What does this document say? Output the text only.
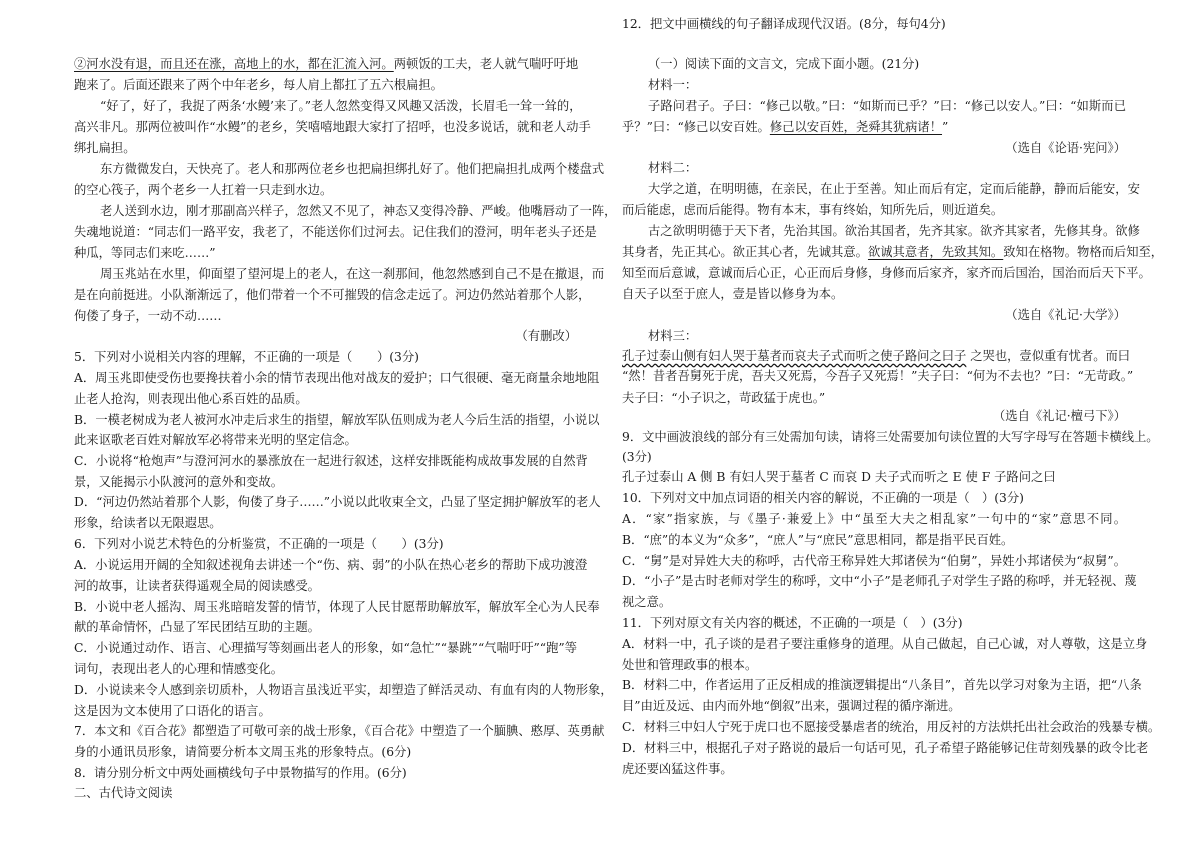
②河水没有退，而且还在涨，高地上的水，都在汇流入河。两顿饭的工夫，老人就气喘吁吁地
跑来了。后面还跟来了两个中年老乡，每人肩上都扛了五六根扁担。
“好了，好了，我捉了两条‘水鳗’来了。”老人忽然变得又风趣又活泼，长眉毛一耸一耸的，
高兴非凡。那两位被叫作“水鳗”的老乡，笑嘻嘻地跟大家打了招呼，也没多说话，就和老人动手
绑扎扁担。
东方微微发白，天快亮了。老人和那两位老乡也把扁担绑扎好了。他们把扁担扎成两个楼盘式
的空心筏子，两个老乡一人扛着一只走到水边。
老人送到水边，刚才那副高兴样子，忽然又不见了，神态又变得冷静、严峻。他嘴唇动了一阵，
失魂地说道：“同志们一路平安，我老了，不能送你们过河去。记住我们的澄河，明年老头子还是
种瓜，等同志们来吃……”
周玉兆站在水里，仰面望了望河堤上的老人，在这一刹那间，他忽然感到自己不是在撤退，而
是在向前挺进。小队渐渐远了，他们带着一个不可摧毁的信念走远了。河边仍然站着那个人影，
佝偻了身子，一动不动……
（有删改）
5．下列对小说相关内容的理解，不正确的一项是（　　）(3分)
A．周玉兆即使受伤也要搀扶着小余的情节表现出他对战友的爱护；口气很硬、毫无商量余地地阻
止老人抢沟，则表现出他心系百姓的品质。
B．一模老树成为老人被河水冲走后求生的指望，解放军队伍则成为老人今后生活的指望，小说以
此来讴歌老百姓对解放军必将带来光明的坚定信念。
C．小说将“枪炮声”与澄河河水的暴涨放在一起进行叙述，这样安排既能构成故事发展的自然背
景，又能揭示小队渡河的意外和变故。
D．“河边仍然站着那个人影，佝偻了身子……”小说以此收束全文，凸显了坚定拥护解放军的老人
形象，给读者以无限遐思。
6．下列对小说艺术特色的分析鉴赏，不正确的一项是（　　）(3分)
A．小说运用开阔的全知叙述视角去讲述一个“伤、病、弱”的小队在热心老乡的帮助下成功渡澄
河的故事，让读者获得遥观全局的阅读感受。
B．小说中老人摇沟、周玉兆暗暗发誓的情节，体现了人民甘愿帮助解放军，解放军全心为人民奉
献的革命情怀，凸显了军民团结互助的主题。
C．小说通过动作、语言、心理描写等刻画出老人的形象，如“急忙”“暴跳”“气喘吁吁”“跑”等
词句，表现出老人的心理和情感变化。
D．小说读来令人感到亲切质朴，人物语言虽浅近平实，却塑造了鲜活灵动、有血有肉的人物形象，
这是因为文本使用了口语化的语言。
7．本文和《百合花》都塑造了可敬可亲的战士形象，《百合花》中塑造了一个腼腆、憨厚、英勇献
身的小通讯员形象，请简要分析本文周玉兆的形象特点。(6分)
8．请分别分析文中两处画横线句子中景物描写的作用。(6分)
二、古代诗文阅读
（一）阅读下面的文言文，完成下面小题。(21分)
材料一：
子路问君子。子曰：“修己以敬。”曰：“如斯而已乎？”曰：“修己以安人。”曰：“如斯而已
乎？”曰：“修己以安百姓。修己以安百姓，尧舜其犹病诸！”
（选自《论语·宪问》）
材料二：
大学之道，在明明德，在亲民，在止于至善。知止而后有定，定而后能静，静而后能安，安
而后能虑，虑而后能得。物有本末，事有终始，知所先后，则近道矣。
古之欲明明德于天下者，先治其国。欲治其国者，先齐其家。欲齐其家者，先修其身。欲修
其身者，先正其心。欲正其心者，先诚其意。欲诚其意者，先致其知。致知在格物。物格而后知至，
知至而后意诚，意诚而后心正，心正而后身修，身修而后家齐，家齐而后国治，国治而后天下平。
自天子以至于庶人，壹是皆以修身为本。
（选自《礼记·大学》）
材料三：
孔子过泰山侧有妇人哭于墓者而哀夫子式而听之使子路问之曰子 之哭也，壹似重有忧者。而曰
“然！昔者吾舅死于虎，吾夫又死焉，今吾子又死焉！”夫子曰：“何为不去也？”曰：“无苛政。”
夫子曰：“小子识之，苛政猛于虎也。”
（选自《礼记·檀弓下》）
9．文中画波浪线的部分有三处需加句读，请将三处需要加句读位置的大写字母写在答题卡横线上。
(3分)
孔子过泰山 A 侧 B 有妇人哭于墓者 C 而哀 D 夫子式而听之 E 使 F 子路问之曰
10．下列对文中加点词语的相关内容的解说，不正确的一项是（　）(3分)
A．“家”指家族，与《墨子·兼爱上》中“虽至大夫之相乱家”一句中的“家”意思不同。
B．“庶”的本义为“众多”，“庶人”与“庶民”意思相同，都是指平民百姓。
C．“舅”是对异姓大夫的称呼，古代帝王称异姓大邦诸侯为“伯舅”，异姓小邦诸侯为“叔舅”。
D．“小子”是古时老师对学生的称呼，文中“小子”是老师孔子对学生子路的称呼，并无轻视、蔑
视之意。
11．下列对原文有关内容的概述，不正确的一项是（　）(3分)
A．材料一中，孔子谈的是君子要注重修身的道理。从自己做起，自己心诚，对人尊敬，这是立身
处世和管理政事的根本。
B．材料二中，作者运用了正反相成的推演逻辑提出“八条目”，首先以学习对象为主语，把“八条
目”由近及远、由内而外地“倒叙”出来，强调过程的循序渐进。
C．材料三中妇人宁死于虎口也不愿接受暴虐者的统治，用反衬的方法烘托出社会政治的残暴专横。
D．材料三中，根据孔子对子路说的最后一句话可见，孔子希望子路能够记住苛刻残暴的政令比老
虎还要凶猛这件事。
12．把文中画横线的句子翻译成现代汉语。(8分，每句4分)
